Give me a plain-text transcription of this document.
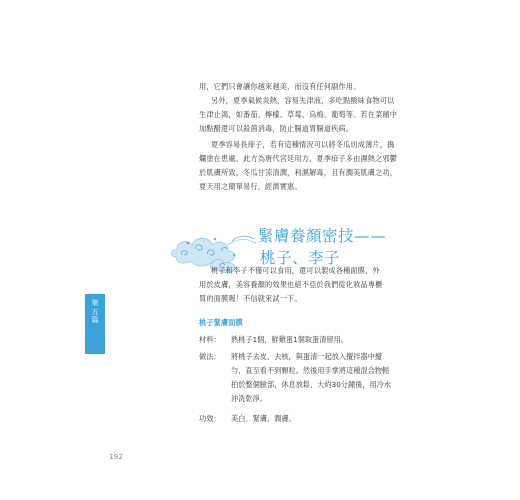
用，它們只會讓你越來越美，而沒有任何副作用。

另外，夏季氣候炎熱，容易失津液，多吃點酸味食物可以
生津止渴，如番茄、檸檬、草莓、烏梅、葡萄等。若在菜餚中
加點醋還可以殺菌消毒，防止腸道胃腸道疾病。

夏季容易長痱子，若有這種情況可以將冬瓜切成薄片，搗
爛塗在患處。此方為唐代宮廷用方，夏季痱子多由濕熱之邪鬱
於肌膚所致，冬瓜甘涼清潤，利濕解毒，且有潤美肌膚之功，
夏天用之簡單易行，經濟實惠。

緊膚養顏密技——
桃子、李子

桃子和李子不僅可以食用，還可以製成各種面膜，外
用於皮膚，美容養顏的效果也絕不亞於我們從化妝品專櫃
買的面膜喔！不信就來試一下。

桃子緊膚面膜
材料： 熟桃子1個，鮮雞蛋1個取蛋清留用。
做法： 將桃子去皮、去核，與蛋清一起放入攪拌器中攪
勻，直至看不到顆粒。然後用手掌將這種混合物輕
拍於整個臉部，休息放鬆，大約30分鐘後，用冷水
沖洗乾淨。
功效： 美白、緊膚、潤膚。
第
五
篇
192
